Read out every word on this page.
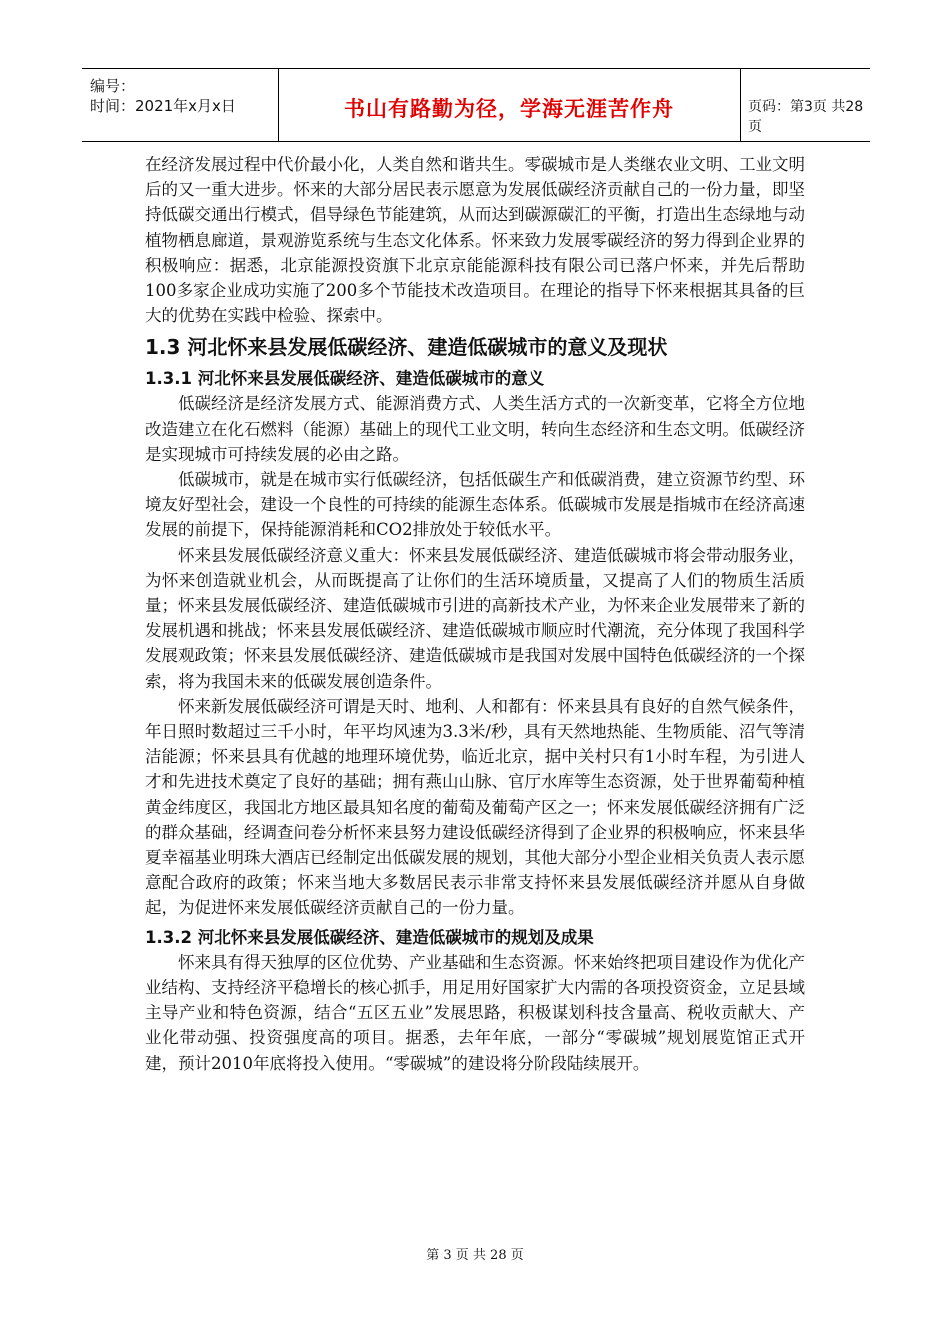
编号：
时间：2021年x月x日	书山有路勤为径，学海无涯苦作舟	页码：第3页 共28页

在经济发展过程中代价最小化，人类自然和谐共生。零碳城市是人类继农业文明、工业文明后的又一重大进步。怀来的大部分居民表示愿意为发展低碳经济贡献自己的一份力量，即坚持低碳交通出行模式，倡导绿色节能建筑，从而达到碳源碳汇的平衡，打造出生态绿地与动植物栖息廊道，景观游览系统与生态文化体系。怀来致力发展零碳经济的努力得到企业界的积极响应：据悉，北京能源投资旗下北京京能能源科技有限公司已落户怀来，并先后帮助100多家企业成功实施了200多个节能技术改造项目。在理论的指导下怀来根据其具备的巨大的优势在实践中检验、探索中。

1.3 河北怀来县发展低碳经济、建造低碳城市的意义及现状
1.3.1 河北怀来县发展低碳经济、建造低碳城市的意义

低碳经济是经济发展方式、能源消费方式、人类生活方式的一次新变革，它将全方位地改造建立在化石燃料（能源）基础上的现代工业文明，转向生态经济和生态文明。低碳经济是实现城市可持续发展的必由之路。

低碳城市，就是在城市实行低碳经济，包括低碳生产和低碳消费，建立资源节约型、环境友好型社会，建设一个良性的可持续的能源生态体系。低碳城市发展是指城市在经济高速发展的前提下，保持能源消耗和CO2排放处于较低水平。

怀来县发展低碳经济意义重大：怀来县发展低碳经济、建造低碳城市将会带动服务业，为怀来创造就业机会，从而既提高了让你们的生活环境质量，又提高了人们的物质生活质量；怀来县发展低碳经济、建造低碳城市引进的高新技术产业，为怀来企业发展带来了新的发展机遇和挑战；怀来县发展低碳经济、建造低碳城市顺应时代潮流，充分体现了我国科学发展观政策；怀来县发展低碳经济、建造低碳城市是我国对发展中国特色低碳经济的一个探索，将为我国未来的低碳发展创造条件。

怀来新发展低碳经济可谓是天时、地利、人和都有：怀来县具有良好的自然气候条件，年日照时数超过三千小时，年平均风速为3.3米/秒，具有天然地热能、生物质能、沼气等清洁能源；怀来县具有优越的地理环境优势，临近北京，据中关村只有1小时车程，为引进人才和先进技术奠定了良好的基础；拥有燕山山脉、官厅水库等生态资源，处于世界葡萄种植黄金纬度区，我国北方地区最具知名度的葡萄及葡萄产区之一；怀来发展低碳经济拥有广泛的群众基础，经调查问卷分析怀来县努力建设低碳经济得到了企业界的积极响应，怀来县华夏幸福基业明珠大酒店已经制定出低碳发展的规划，其他大部分小型企业相关负责人表示愿意配合政府的政策；怀来当地大多数居民表示非常支持怀来县发展低碳经济并愿从自身做起，为促进怀来发展低碳经济贡献自己的一份力量。

1.3.2 河北怀来县发展低碳经济、建造低碳城市的规划及成果

怀来具有得天独厚的区位优势、产业基础和生态资源。怀来始终把项目建设作为优化产业结构、支持经济平稳增长的核心抓手，用足用好国家扩大内需的各项投资资金，立足县域主导产业和特色资源，结合“五区五业”发展思路，积极谋划科技含量高、税收贡献大、产业化带动强、投资强度高的项目。据悉，去年年底，一部分“零碳城”规划展览馆正式开建，预计2010年底将投入使用。“零碳城”的建设将分阶段陆续展开。

第 3 页 共 28 页
